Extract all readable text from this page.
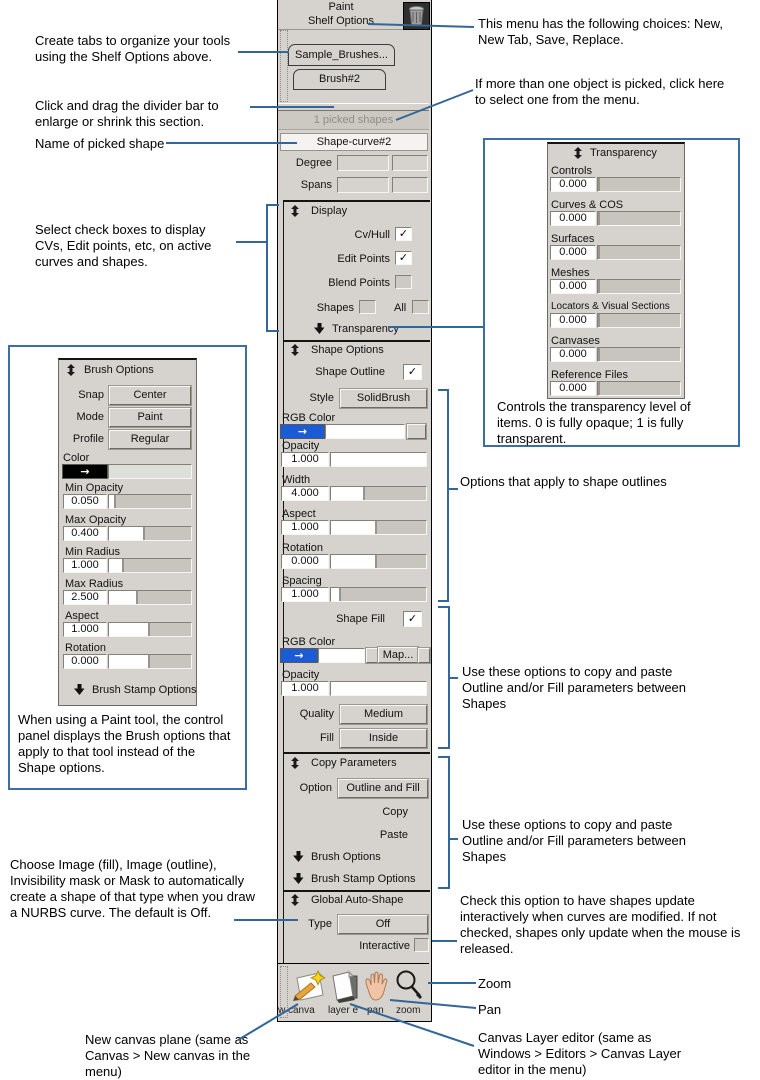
Paint
Shelf Options
Sample_Brushes...
Brush#2
1 picked shapes
Shape-curve#2
Degree
Spans
Display
Cv/Hull ✓
Edit Points ✓
Blend Points
Shapes	All
Transparency
Shape Options
Shape Outline	✓
Style	SolidBrush
RGB Color
→
Opacity
1.000
Width
4.000
Aspect
1.000
Rotation
0.000
Spacing
1.000
Shape Fill	✓
RGB Color
→	Map...
Opacity
1.000
Quality	Medium
Fill	Inside
Copy Parameters
Option	Outline and Fill
Copy
Paste
Brush Options
Brush Stamp Options
Global Auto-Shape
Type	Off
Interactive
w canva	layer e pan	zoom
Brush Options
Snap	Center
Mode	Paint
Profile	Regular
Color
→
Min Opacity
0.050
Max Opacity
0.400
Min Radius
1.000
Max Radius
2.500
Aspect
1.000
Rotation
0.000
Brush Stamp Options
When using a Paint tool, the control panel displays the Brush options that apply to that tool instead of the Shape options.
Transparency
Controls
0.000
Curves & COS
0.000
Surfaces
0.000
Meshes
0.000
Locators & Visual Sections
0.000
Canvases
0.000
Reference Files
0.000
Controls the transparency level of items. 0 is fully opaque; 1 is fully transparent.
Create tabs to organize your tools using the Shelf Options above.
Click and drag the divider bar to enlarge or shrink this section.
Name of picked shape
Select check boxes to display CVs, Edit points, etc, on active curves and shapes.
Choose Image (fill), Image (outline), Invisibility mask or Mask to automatically create a shape of that type when you draw a NURBS curve. The default is Off.
New canvas plane (same as Canvas > New canvas in the menu)
This menu has the following choices: New, New Tab, Save, Replace.
If more than one object is picked, click here to select one from the menu.
Options that apply to shape outlines
Use these options to copy and paste Outline and/or Fill parameters between Shapes
Use these options to copy and paste Outline and/or Fill parameters between Shapes
Check this option to have shapes update interactively when curves are modified. If not checked, shapes only update when the mouse is released.
Zoom
Pan
Canvas Layer editor (same as Windows > Editors > Canvas Layer editor in the menu)
